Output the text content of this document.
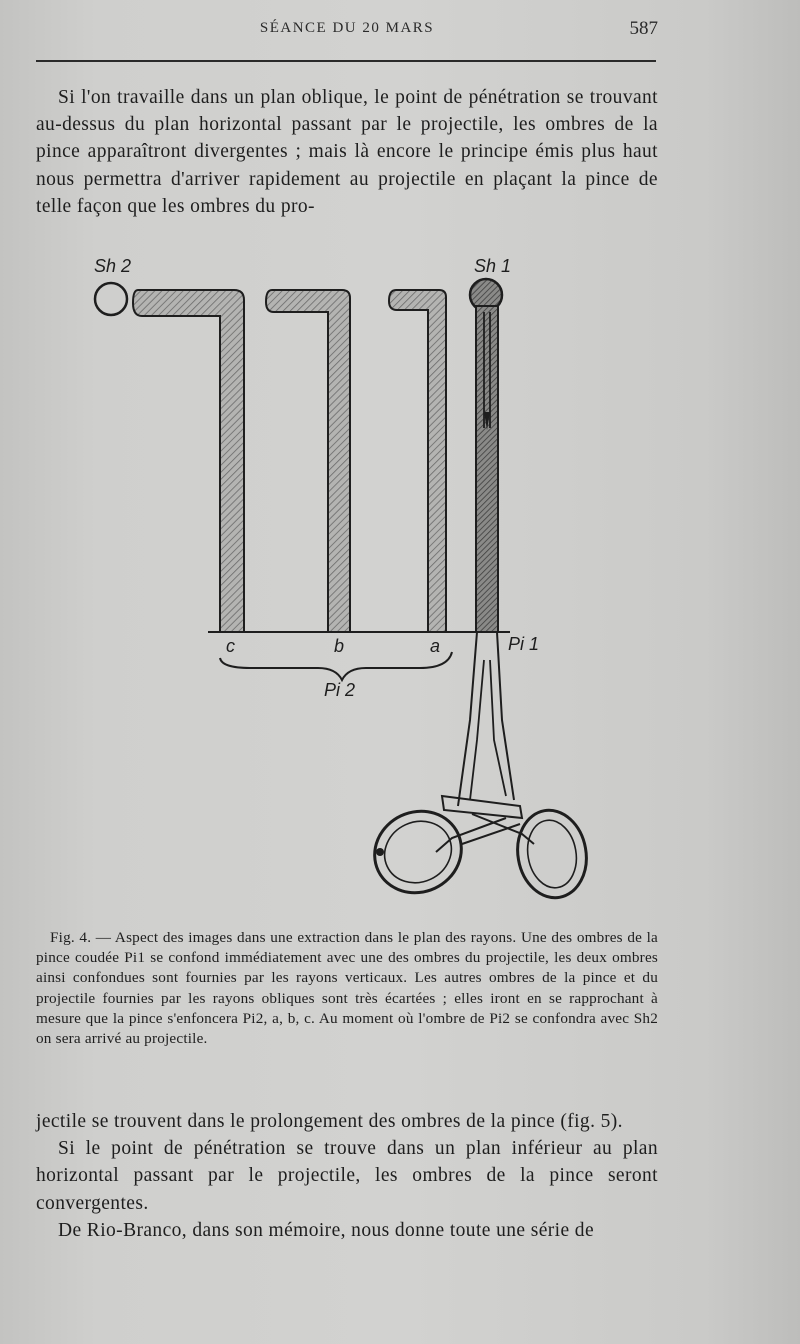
SÉANCE DU 20 MARS	587

Si l'on travaille dans un plan oblique, le point de pénétration se trouvant au-dessus du plan horizontal passant par le projectile, les ombres de la pince apparaîtront divergentes ; mais là encore le principe émis plus haut nous permettra d'arriver rapidement au projectile en plaçant la pince de telle façon que les ombres du pro-

Sh 2	Sh 1
c	b	a	Pi 1
Pi 2

Fig. 4. — Aspect des images dans une extraction dans le plan des rayons. Une des ombres de la pince coudée Pi1 se confond immédiatement avec une des ombres du projectile, les deux ombres ainsi confondues sont fournies par les rayons verticaux. Les autres ombres de la pince et du projectile fournies par les rayons obliques sont très écartées ; elles iront en se rapprochant à mesure que la pince s'enfoncera Pi2, a, b, c. Au moment où l'ombre de Pi2 se confondra avec Sh2 on sera arrivé au projectile.

jectile se trouvent dans le prolongement des ombres de la pince (fig. 5).

Si le point de pénétration se trouve dans un plan inférieur au plan horizontal passant par le projectile, les ombres de la pince seront convergentes.

De Rio-Branco, dans son mémoire, nous donne toute une série de
